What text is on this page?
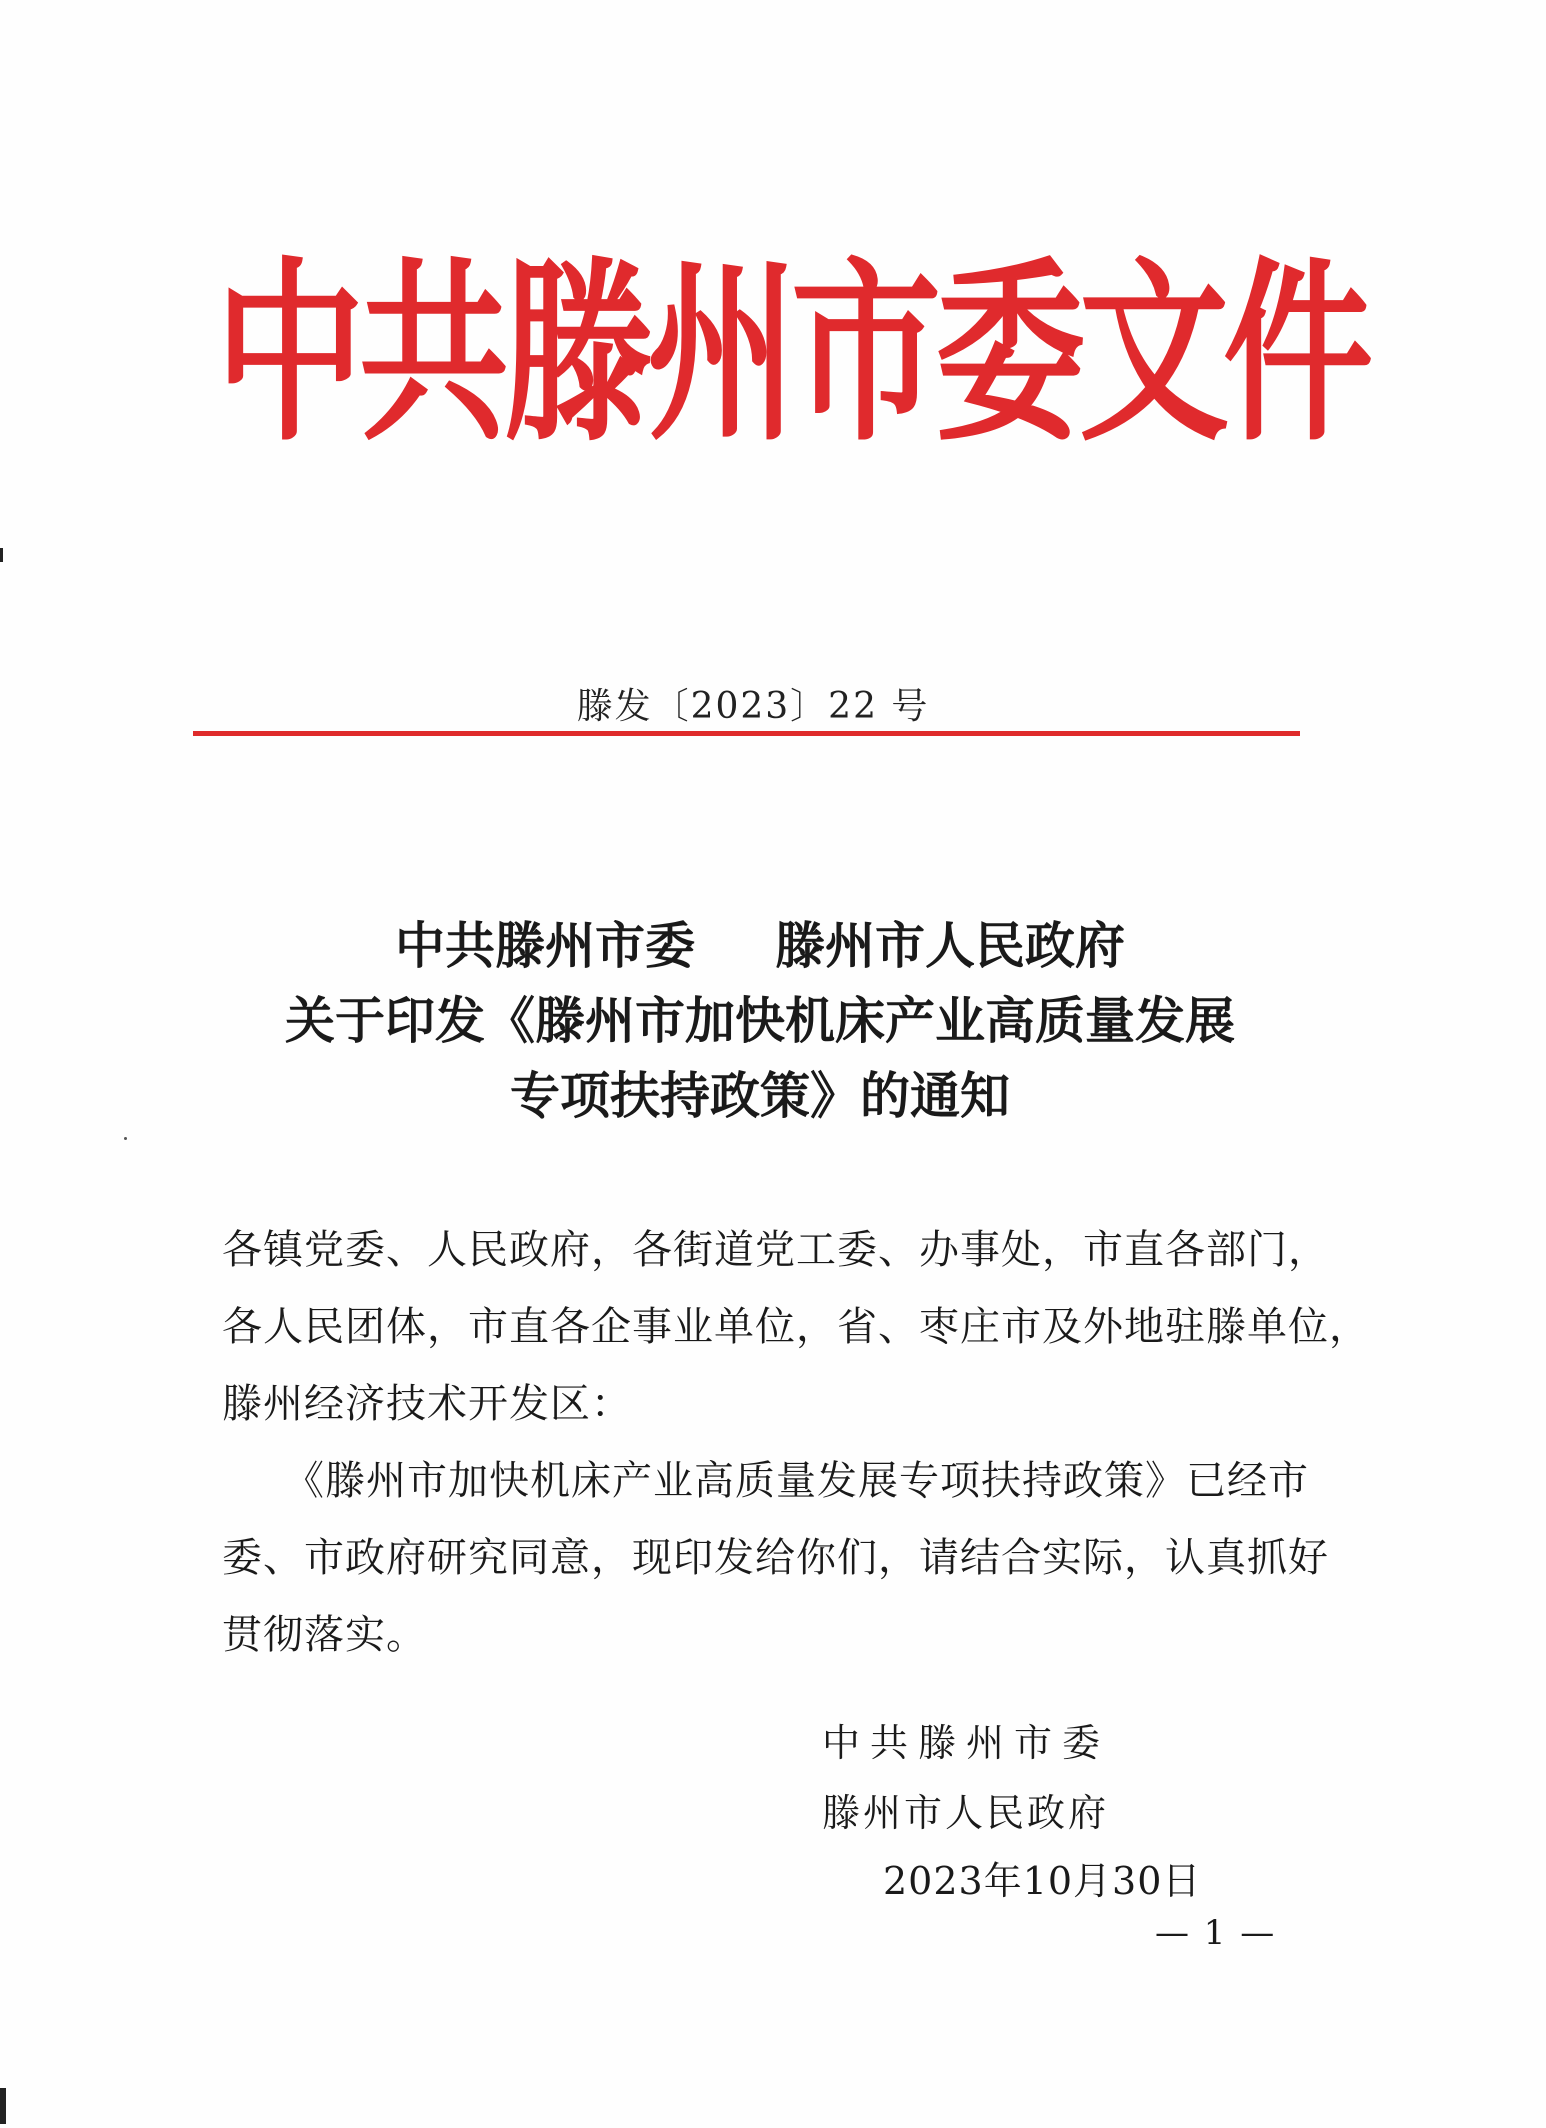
中 共 滕 州 市 委 文 件
滕发〔2023〕22 号
中共滕州市委 滕州市人民政府
关于印发《滕州市加快机床产业高质量发展
专项扶持政策》的通知
各镇党委、人民政府，各街道党工委、办事处，市直各部门，
各人民团体，市直各企事业单位，省、枣庄市及外地驻滕单位，
滕州经济技术开发区：
　　《滕州市加快机床产业高质量发展专项扶持政策》已经市
委、市政府研究同意，现印发给你们，请结合实际，认真抓好
贯彻落实。
中共滕州市委
滕州市人民政府
2023年10月30日
— 1 —
